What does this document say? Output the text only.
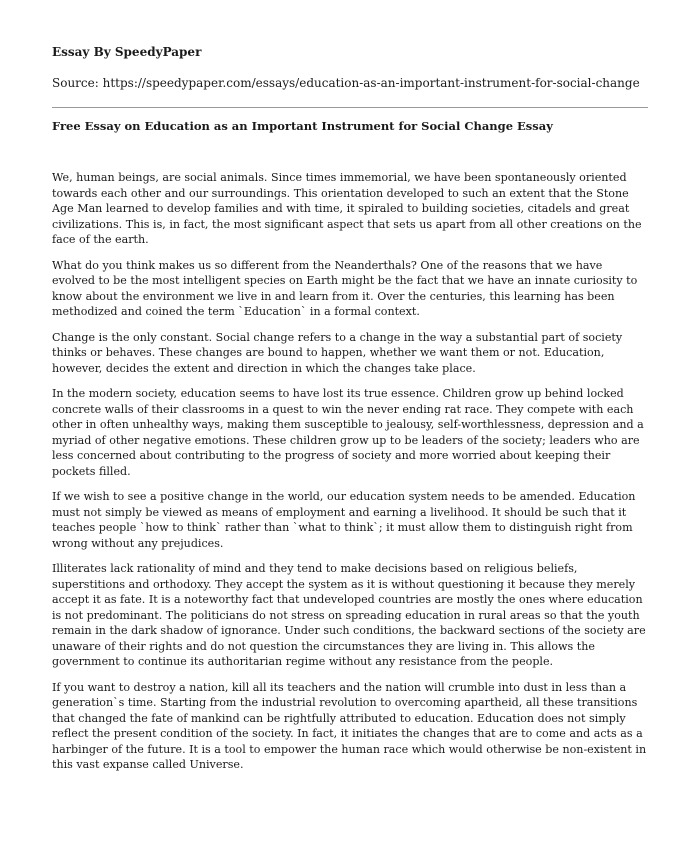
Essay By SpeedyPaper
Source: https://speedypaper.com/essays/education-as-an-important-instrument-for-social-change
Free Essay on Education as an Important Instrument for Social Change Essay

We, human beings, are social animals. Since times immemorial, we have been spontaneously oriented towards each other and our surroundings. This orientation developed to such an extent that the Stone Age Man learned to develop families and with time, it spiraled to building societies, citadels and great civilizations. This is, in fact, the most significant aspect that sets us apart from all other creations on the face of the earth.

What do you think makes us so different from the Neanderthals? One of the reasons that we have evolved to be the most intelligent species on Earth might be the fact that we have an innate curiosity to know about the environment we live in and learn from it. Over the centuries, this learning has been methodized and coined the term `Education` in a formal context.

Change is the only constant. Social change refers to a change in the way a substantial part of society thinks or behaves. These changes are bound to happen, whether we want them or not. Education, however, decides the extent and direction in which the changes take place.

In the modern society, education seems to have lost its true essence. Children grow up behind locked concrete walls of their classrooms in a quest to win the never ending rat race. They compete with each other in often unhealthy ways, making them susceptible to jealousy, self-worthlessness, depression and a myriad of other negative emotions. These children grow up to be leaders of the society; leaders who are less concerned about contributing to the progress of society and more worried about keeping their pockets filled.

If we wish to see a positive change in the world, our education system needs to be amended. Education must not simply be viewed as means of employment and earning a livelihood. It should be such that it teaches people `how to think` rather than `what to think`; it must allow them to distinguish right from wrong without any prejudices.

Illiterates lack rationality of mind and they tend to make decisions based on religious beliefs, superstitions and orthodoxy. They accept the system as it is without questioning it because they merely accept it as fate. It is a noteworthy fact that undeveloped countries are mostly the ones where education is not predominant. The politicians do not stress on spreading education in rural areas so that the youth remain in the dark shadow of ignorance. Under such conditions, the backward sections of the society are unaware of their rights and do not question the circumstances they are living in. This allows the government to continue its authoritarian regime without any resistance from the people.

If you want to destroy a nation, kill all its teachers and the nation will crumble into dust in less than a generation`s time. Starting from the industrial revolution to overcoming apartheid, all these transitions that changed the fate of mankind can be rightfully attributed to education. Education does not simply reflect the present condition of the society. In fact, it initiates the changes that are to come and acts as a harbinger of the future. It is a tool to empower the human race which would otherwise be non-existent in this vast expanse called Universe.
